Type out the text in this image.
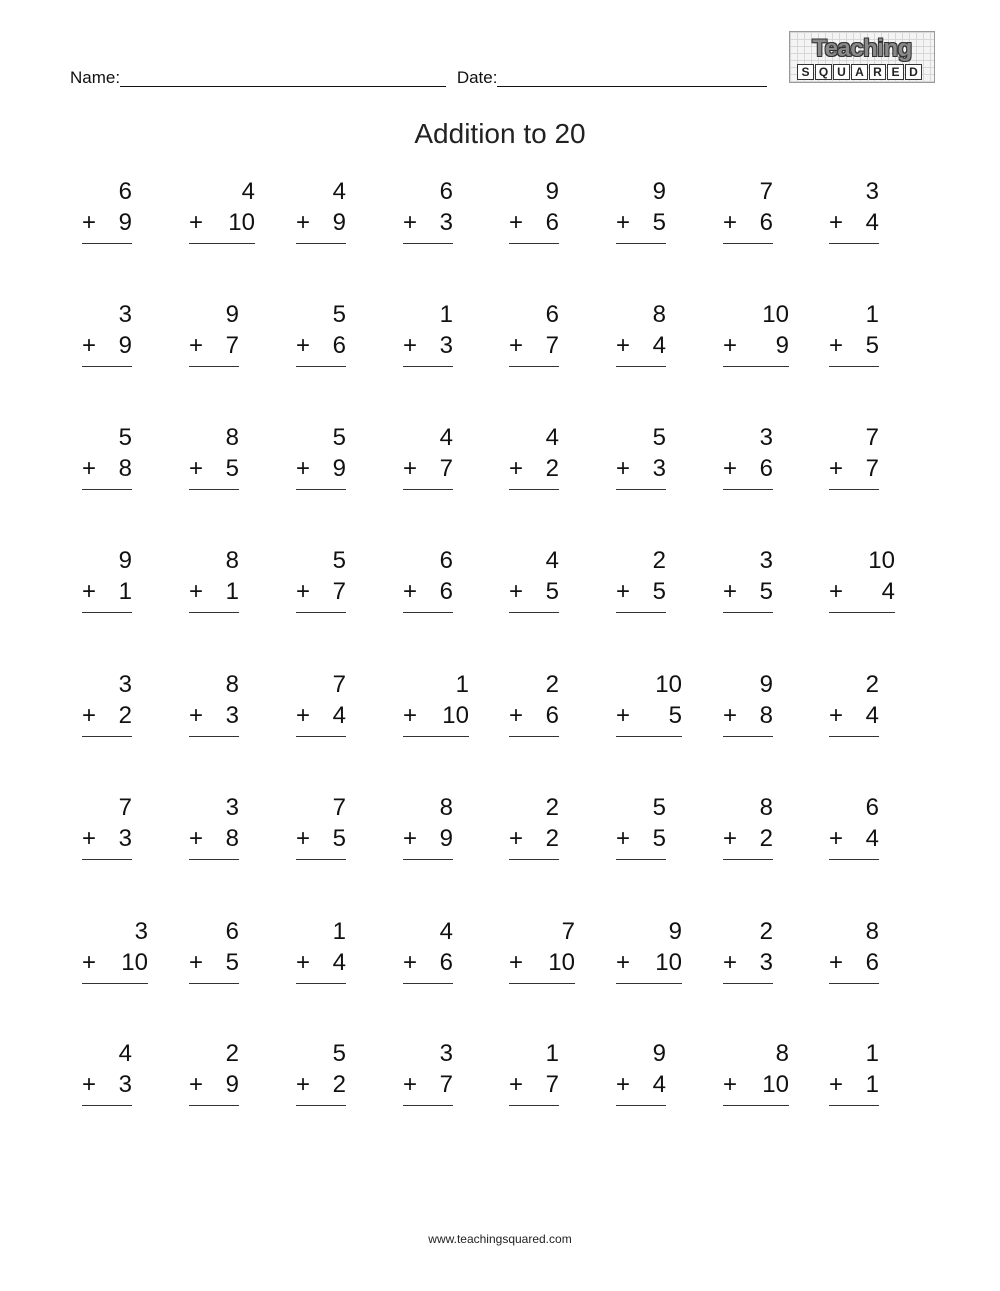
Name:	Date:
Teaching
S Q U A R E D
Addition to 20
6
+ 9
4
+ 10
4
+ 9
6
+ 3
9
+ 6
9
+ 5
7
+ 6
3
+ 4
3
+ 9
9
+ 7
5
+ 6
1
+ 3
6
+ 7
8
+ 4
10
+ 9
1
+ 5
5
+ 8
8
+ 5
5
+ 9
4
+ 7
4
+ 2
5
+ 3
3
+ 6
7
+ 7
9
+ 1
8
+ 1
5
+ 7
6
+ 6
4
+ 5
2
+ 5
3
+ 5
10
+ 4
3
+ 2
8
+ 3
7
+ 4
1
+ 10
2
+ 6
10
+ 5
9
+ 8
2
+ 4
7
+ 3
3
+ 8
7
+ 5
8
+ 9
2
+ 2
5
+ 5
8
+ 2
6
+ 4
3
+ 10
6
+ 5
1
+ 4
4
+ 6
7
+ 10
9
+ 10
2
+ 3
8
+ 6
4
+ 3
2
+ 9
5
+ 2
3
+ 7
1
+ 7
9
+ 4
8
+ 10
1
+ 1
www.teachingsquared.com
